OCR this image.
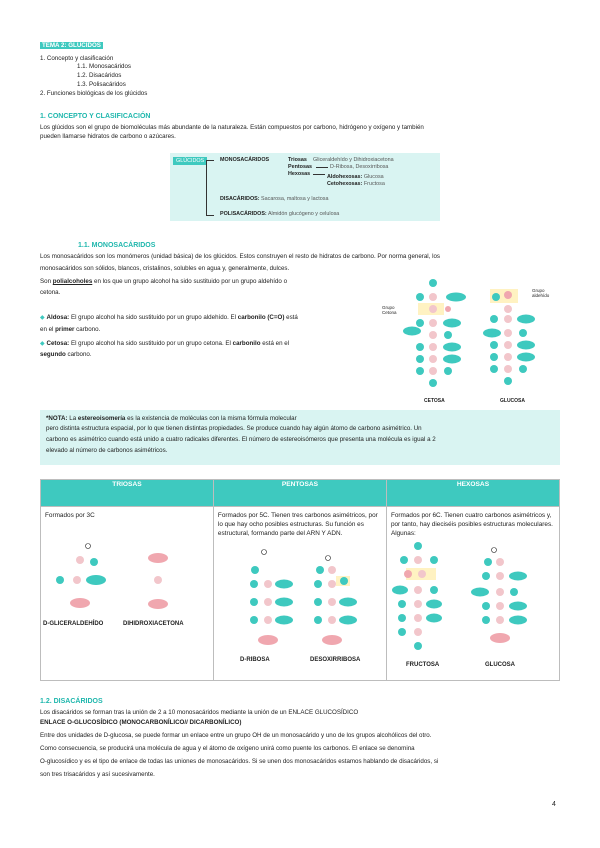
TEMA 2: GLÚCIDOS
1. Concepto y clasificación
1.1. Monosacáridos
1.2. Disacáridos
1.3. Polisacáridos
2. Funciones biológicas de los glúcidos
1. CONCEPTO Y CLASIFICACIÓN
Los glúcidos son el grupo de biomoléculas más abundante de la naturaleza. Están compuestos por carbono, hidrógeno y oxígeno y también
pueden llamarse hidratos de carbono o azúcares.
GLÚCIDOS	MONOSACÁRIDOS	Triosas Gliceraldehído y Dihidroxiacetona
Pentosas	D-Ribosa, Desoxirribosa
Hexosas	Aldohexosas: Glucosa
Cetohexosas: Fructosa
DISACÁRIDOS: Sacarosa, maltosa y lactosa
POLISACÁRIDOS: Almidón glucógeno y celulosa
1.1. MONOSACÁRIDOS
Los monosacáridos son los monómeros (unidad básica) de los glúcidos. Estos construyen el resto de hidratos de carbono. Por norma general, los
monosacáridos son sólidos, blancos, cristalinos, solubles en agua y, generalmente, dulces.
Son polialcoholes en los que un grupo alcohol ha sido sustituido por un grupo aldehído o
cetona.
◆ Aldosa: El grupo alcohol ha sido sustituido por un grupo aldehído. El carbonilo (C=O) está
en el primer carbono.
◆ Cetosa: El grupo alcohol ha sido sustituido por un grupo cetona. El carbonilo está en el
segundo carbono.
Grupo Cetona
Grupo aldehído
CETOSA	GLUCOSA
*NOTA: La estereoisomería es la existencia de moléculas con la misma fórmula molecular
pero distinta estructura espacial, por lo que tienen distintas propiedades. Se produce cuando hay algún átomo de carbono asimétrico. Un
carbono es asimétrico cuando está unido a cuatro radicales diferentes. El número de estereoisómeros que presenta una molécula es igual a 2
elevado al número de carbonos asimétricos.
TRIOSAS	PENTOSAS	HEXOSAS
Formados por 3C	Formados por 5C. Tienen tres carbonos asimétricos, por lo que hay ocho posibles estructuras. Su función es estructural, formando parte del ARN Y ADN.	Formados por 6C. Tienen cuatro carbonos asimétricos y, por tanto, hay dieciséis posibles estructuras moleculares. Algunas:
D-GLICERALDEHÍDO	DIHIDROXIACETONA
D-RIBOSA	DESOXIRRIBOSA
FRUCTOSA	GLUCOSA
1.2. DISACÁRIDOS
Los disacáridos se forman tras la unión de 2 a 10 monosacáridos mediante la unión de un ENLACE GLUCOSÍDICO
ENLACE O-GLUCOSÍDICO (MONOCARBONÍLICO// DICARBONÍLICO)
Entre dos unidades de D-glucosa, se puede formar un enlace entre un grupo OH de un monosacárido y uno de los grupos alcohólicos del otro.
Como consecuencia, se producirá una molécula de agua y el átomo de oxígeno unirá como puente los carbonos. El enlace se denomina
O-glucosídico y es el tipo de enlace de todas las uniones de monosacáridos. Si se unen dos monosacáridos estamos hablando de disacáridos, si
son tres trisacáridos y así sucesivamente.
4
